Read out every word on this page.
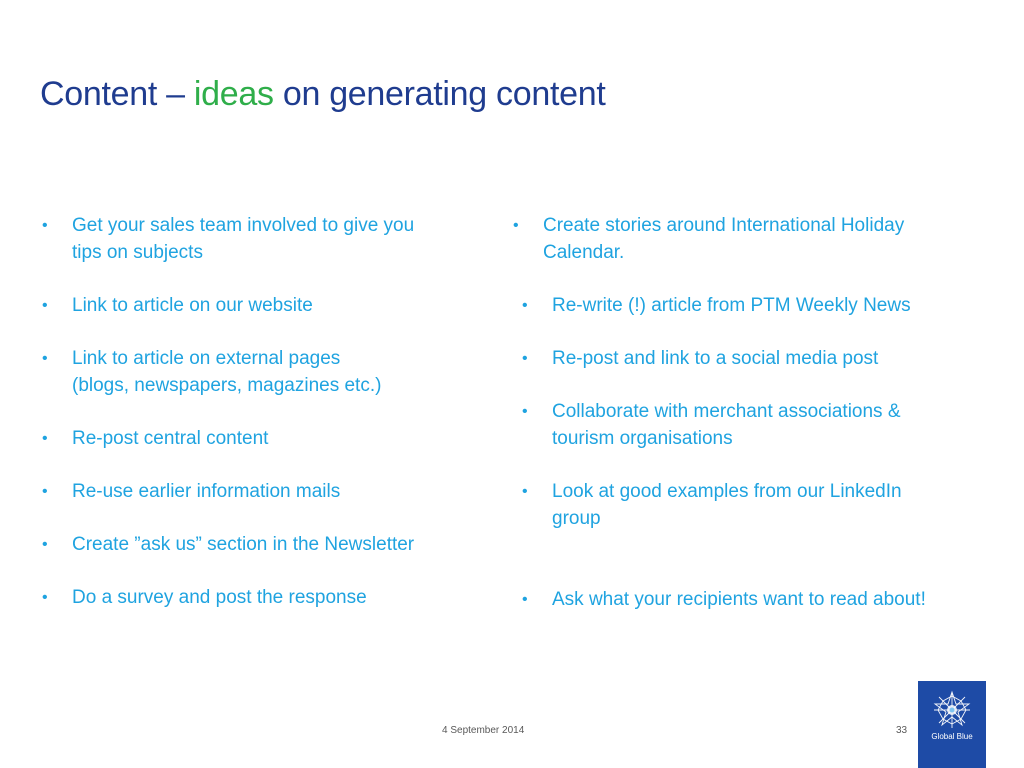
Content – ideas on generating content
•	Get your sales team involved to give you
tips on subjects
•	Link to article on our website
•	Link to article on external pages
(blogs, newspapers, magazines etc.)
•	Re-post central content
•	Re-use earlier information mails
•	Create ”ask us” section in the Newsletter
•	Do a survey and post the response
•	Create stories around International Holiday
Calendar.
•	Re-write (!) article from PTM Weekly News
•	Re-post and link to a social media post
•	Collaborate with merchant associations &
tourism organisations
•	Look at good examples from our LinkedIn
group
•	Ask what your recipients want to read about!
4 September 2014	33
Global Blue
